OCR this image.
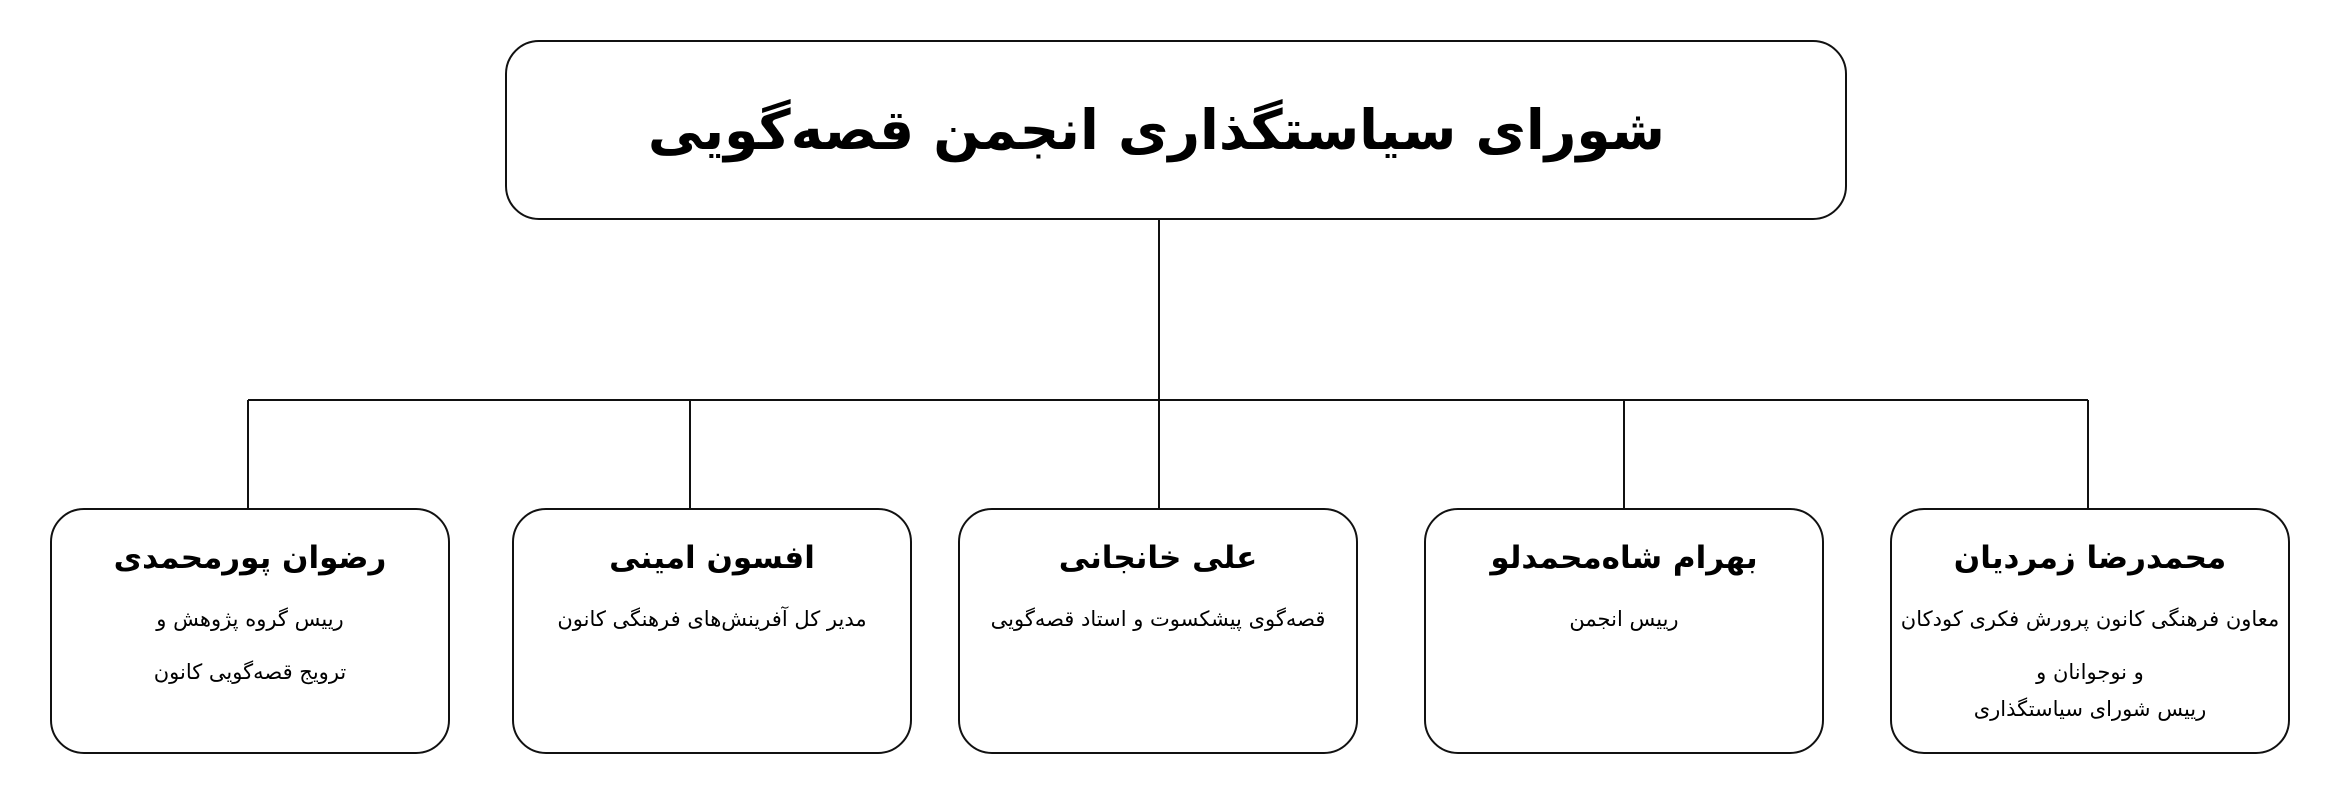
شورای سیاستگذاری انجمن قصه‌گویی
محمدرضا زمردیان
معاون فرهنگی کانون پرورش فکری کودکان
و نوجوانان و
رییس شورای سیاستگذاری
بهرام شاه‌محمدلو
رییس انجمن
علی خانجانی
قصه‌گوی پیشکسوت و استاد قصه‌گویی
افسون امینی
مدیر کل آفرینش‌های فرهنگی کانون
رضوان پورمحمدی
رییس گروه پژوهش و
ترویج قصه‌گویی کانون
